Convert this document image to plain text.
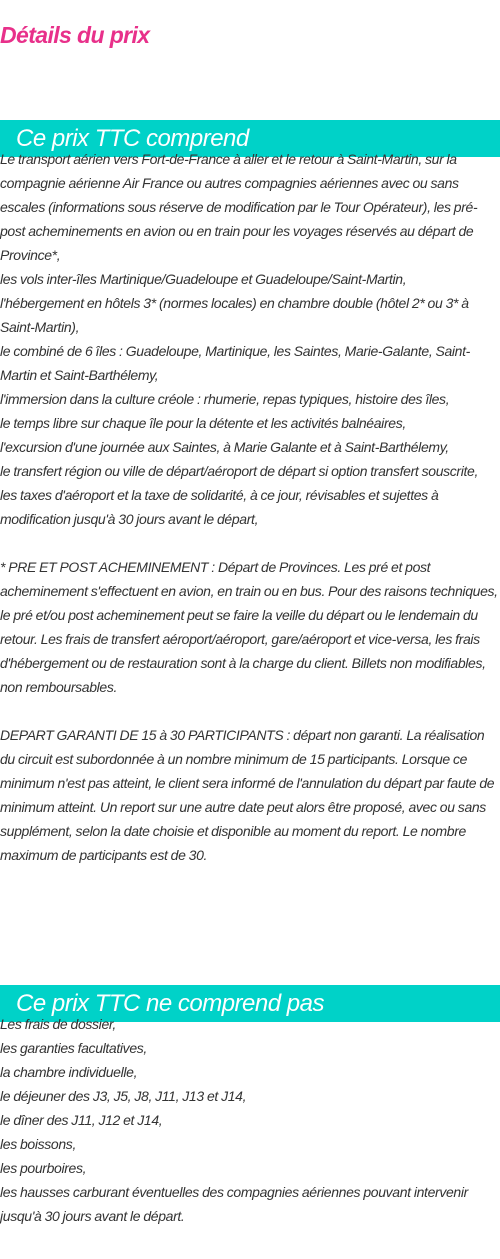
Détails du prix
Ce prix TTC comprend

Le transport aérien vers Fort-de-France à aller et le retour à Saint-Martin, sur la compagnie aérienne Air France ou autres compagnies aériennes avec ou sans escales (informations sous réserve de modification par le Tour Opérateur), les pré-post acheminements en avion ou en train pour les voyages réservés au départ de Province*,

les vols inter-îles Martinique/Guadeloupe et Guadeloupe/Saint-Martin,

l'hébergement en hôtels 3* (normes locales) en chambre double (hôtel 2* ou 3* à Saint-Martin),

le combiné de 6 îles : Guadeloupe, Martinique, les Saintes, Marie-Galante, Saint-Martin et Saint-Barthélemy,

l'immersion dans la culture créole : rhumerie, repas typiques, histoire des îles,

le temps libre sur chaque île pour la détente et les activités balnéaires,

l'excursion d'une journée aux Saintes, à Marie Galante et à Saint-Barthélemy,

le transfert région ou ville de départ/aéroport de départ si option transfert souscrite,

les taxes d'aéroport et la taxe de solidarité, à ce jour, révisables et sujettes à modification jusqu'à 30 jours avant le départ,

* PRE ET POST ACHEMINEMENT : Départ de Provinces. Les pré et post acheminement s'effectuent en avion, en train ou en bus. Pour des raisons techniques, le pré et/ou post acheminement peut se faire la veille du départ ou le lendemain du retour. Les frais de transfert aéroport/aéroport, gare/aéroport et vice-versa, les frais d'hébergement ou de restauration sont à la charge du client. Billets non modifiables, non remboursables.

DEPART GARANTI DE 15 à 30 PARTICIPANTS : départ non garanti. La réalisation du circuit est subordonnée à un nombre minimum de 15 participants. Lorsque ce minimum n'est pas atteint, le client sera informé de l'annulation du départ par faute de minimum atteint. Un report sur une autre date peut alors être proposé, avec ou sans supplément, selon la date choisie et disponible au moment du report. Le nombre maximum de participants est de 30.

Ce prix TTC ne comprend pas

Les frais de dossier,

les garanties facultatives,

la chambre individuelle,

le déjeuner des J3, J5, J8, J11, J13 et J14,

le dîner des J11, J12 et J14,

les boissons,

les pourboires,

les hausses carburant éventuelles des compagnies aériennes pouvant intervenir jusqu'à 30 jours avant le départ.
